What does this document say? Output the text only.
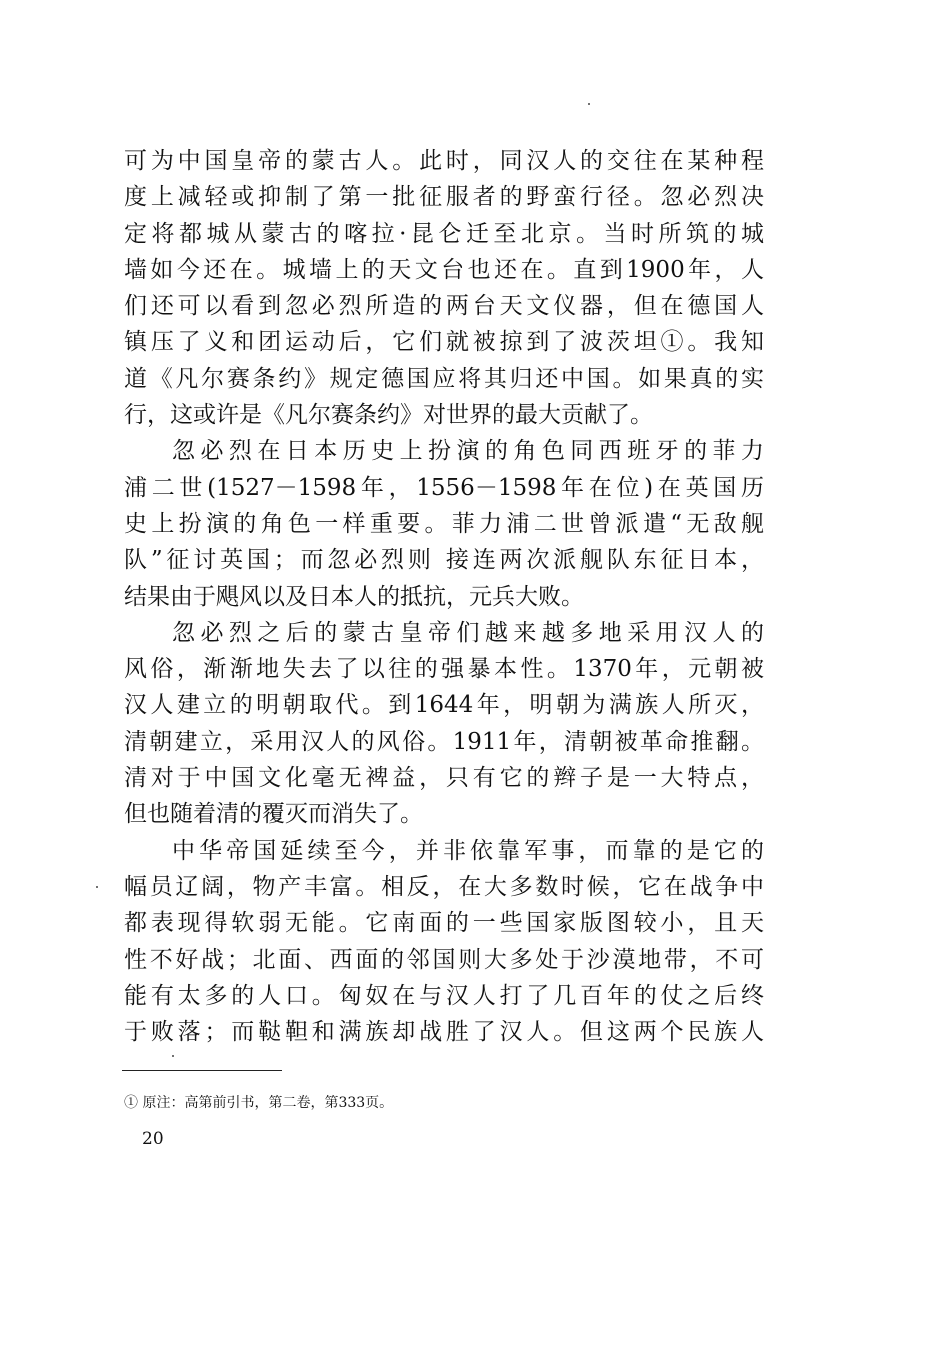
可为中国皇帝的蒙古人。此时，同汉人的交往在某种程
度上减轻或抑制了第一批征服者的野蛮行径。忽必烈决
定将都城从蒙古的喀拉·昆仑迁至北京。当时所筑的城
墙如今还在。城墙上的天文台也还在。直到1900年，人
们还可以看到忽必烈所造的两台天文仪器，但在德国人
镇压了义和团运动后，它们就被掠到了波茨坦①。我知
道《凡尔赛条约》规定德国应将其归还中国。如果真的实
行，这或许是《凡尔赛条约》对世界的最大贡献了。
忽必烈在日本历史上扮演的角色同西班牙的菲力
浦二世(1527－1598年，1556－1598年在位)在英国历
史上扮演的角色一样重要。菲力浦二世曾派遣“无敌舰
队”征讨英国；而忽必烈则 接连两次派舰队东征日本，
结果由于飓风以及日本人的抵抗，元兵大败。
忽必烈之后的蒙古皇帝们越来越多地采用汉人的
风俗，渐渐地失去了以往的强暴本性。1370年，元朝被
汉人建立的明朝取代。到1644年，明朝为满族人所灭，
清朝建立，采用汉人的风俗。1911年，清朝被革命推翻。
清对于中国文化毫无裨益，只有它的辫子是一大特点，
但也随着清的覆灭而消失了。
中华帝国延续至今，并非依靠军事，而靠的是它的
幅员辽阔，物产丰富。相反，在大多数时候，它在战争中
都表现得软弱无能。它南面的一些国家版图较小，且天
性不好战；北面、西面的邻国则大多处于沙漠地带，不可
能有太多的人口。匈奴在与汉人打了几百年的仗之后终
于败落；而鞑靼和满族却战胜了汉人。但这两个民族人
① 原注：高第前引书，第二卷，第333页。
20
